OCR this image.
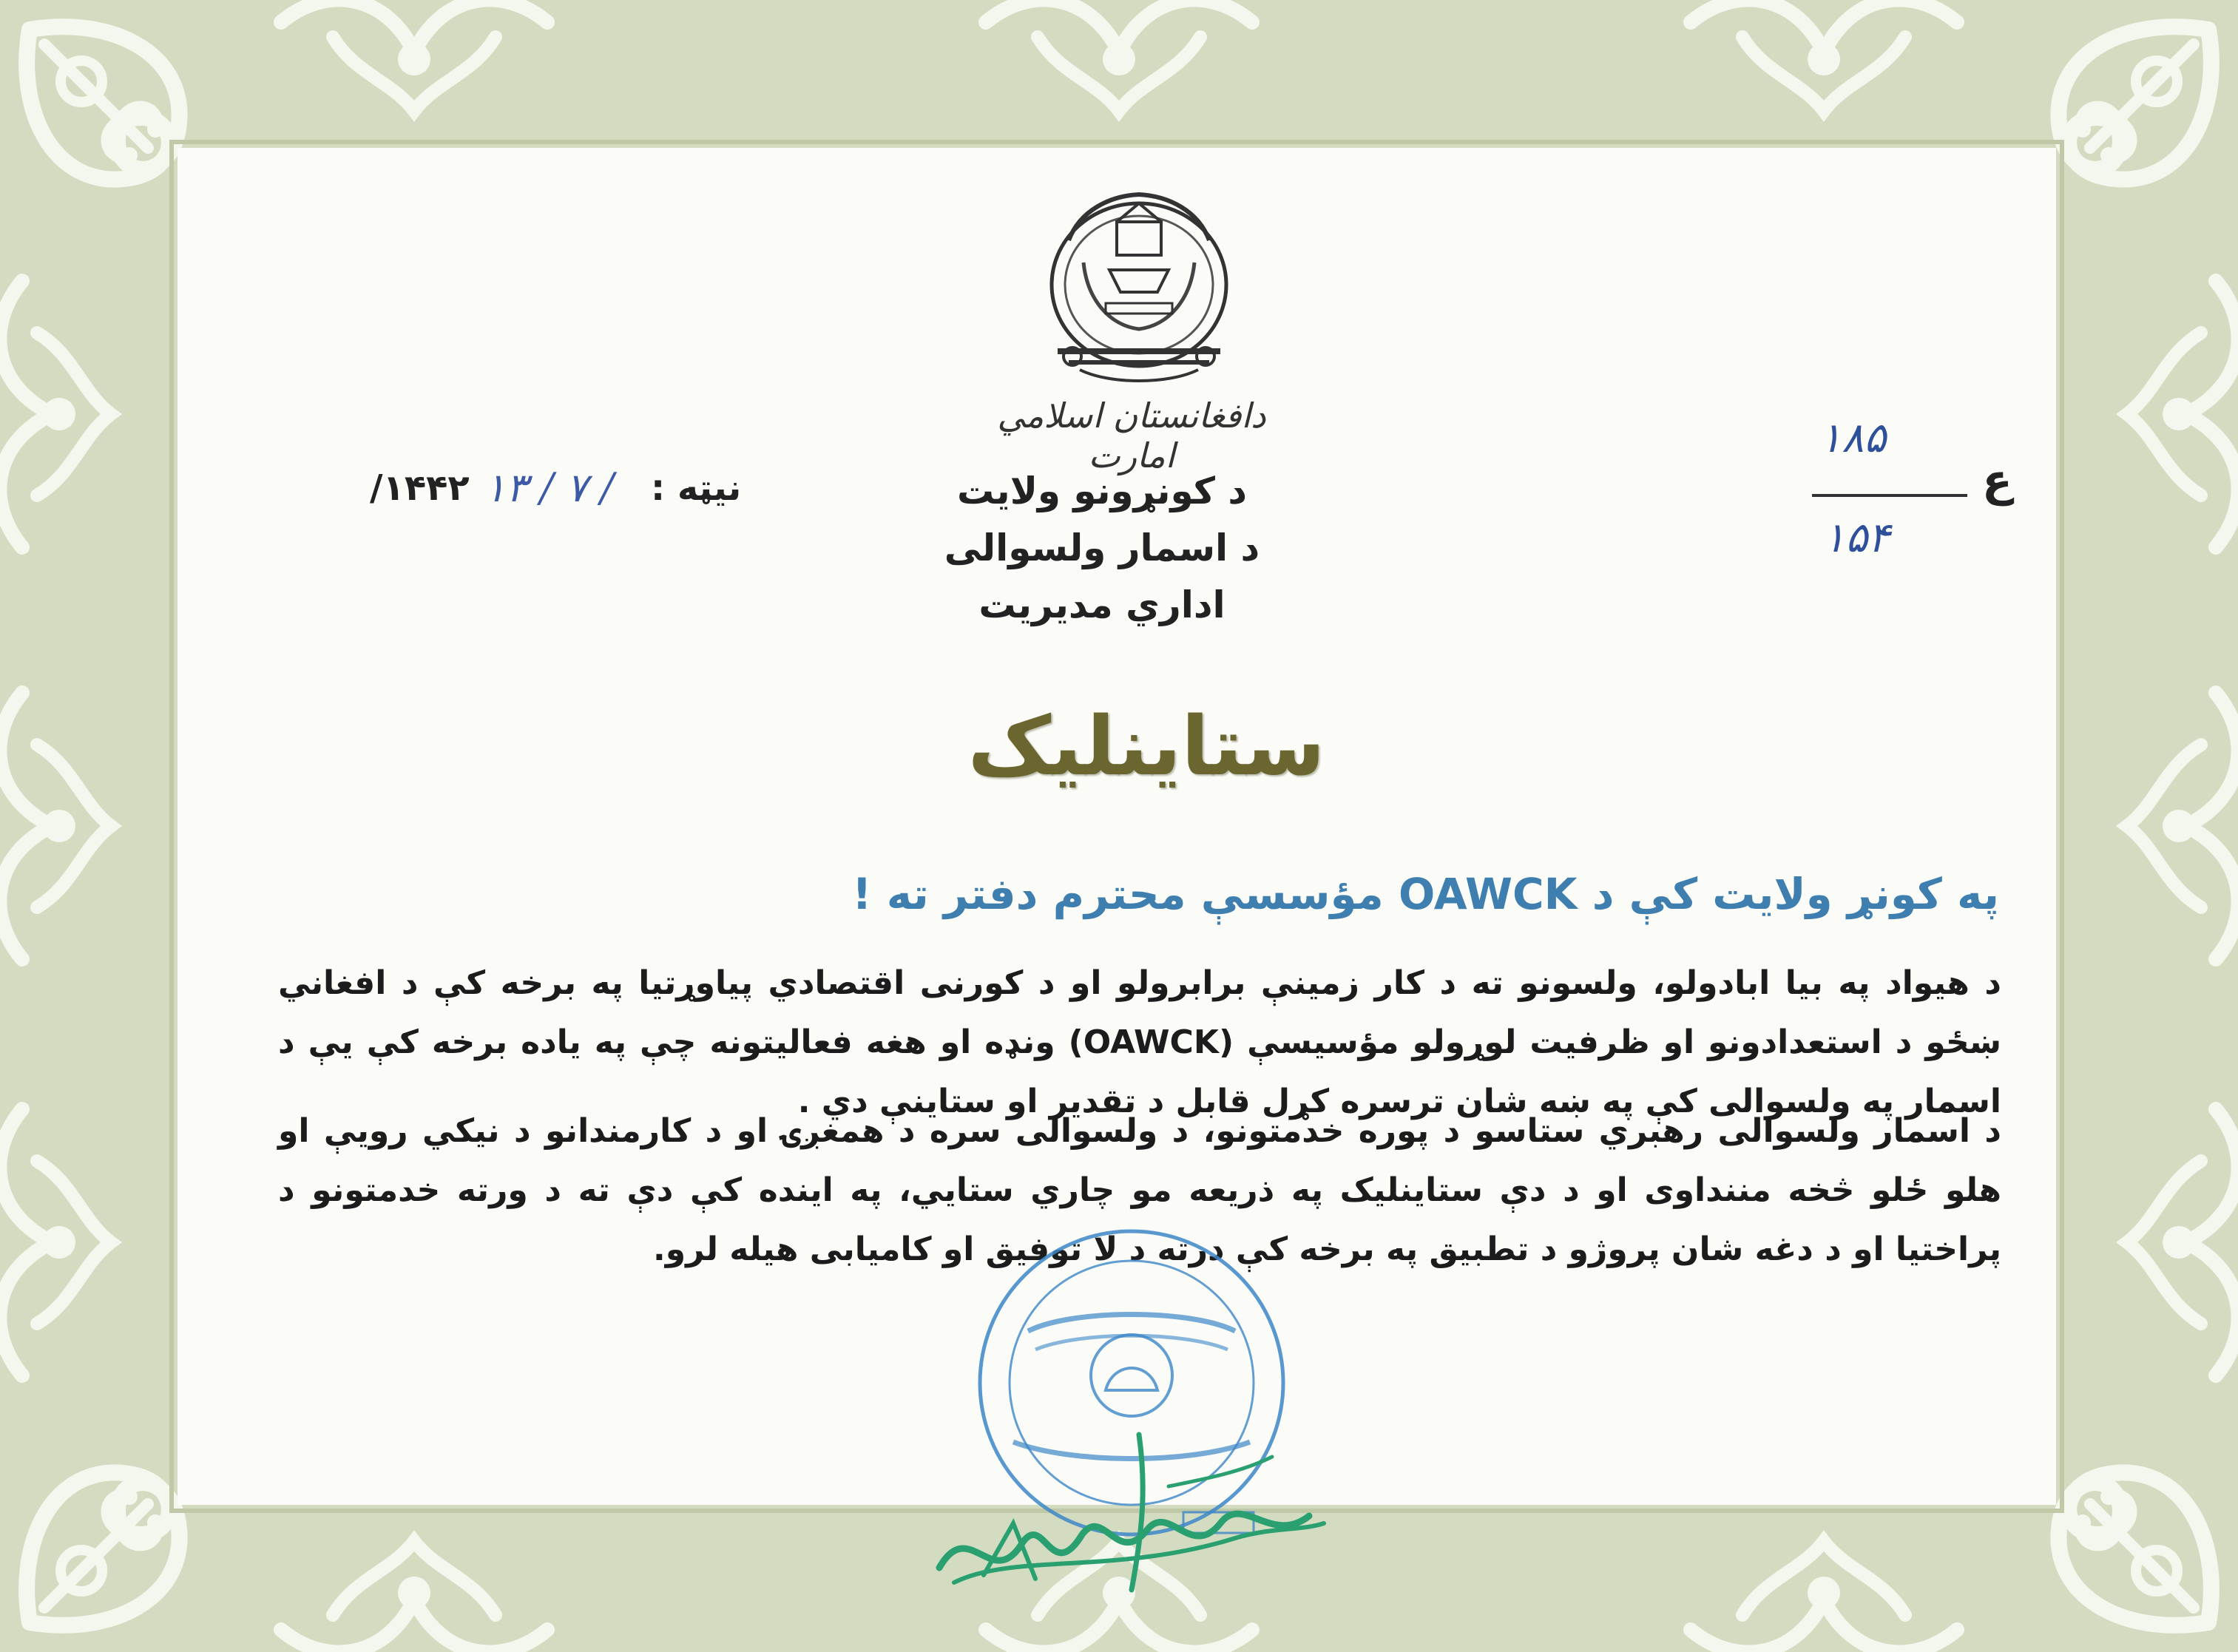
دافغانستان اسلامي امارت
د کونړونو ولایت
د اسمار ولسوالی
اداري مدیریت
نیټه :
۱۳ / ۷ /
۱۴۴۲/
۱۸۵
ع
۱۵۴
ستاینلیک
په کونړ ولایت کې د OAWCK مؤسسې محترم دفتر ته !
د هیواد په بیا ابادولو، ولسونو ته د کار زمینې برابرولو او د کورنی اقتصادي پیاوړتیا په برخه کې د افغاني ښځو د استعدادونو او ظرفیت لوړولو مؤسیسې (OAWCK) ونډه او هغه فعالیتونه چې په یاده برخه کې یې د اسمار په ولسوالی کې په ښه شان ترسره کړل قابل د تقدیر او ستاینې دي .
د اسمار ولسوالی رهبري ستاسو د پوره خدمتونو، د ولسوالی سره د همغږۍ او د کارمندانو د نیکي رویې او هلو ځلو څخه مننداوی او د دې ستاینلیک په ذریعه مو چاري ستایي، په اینده کې دې ته د ورته خدمتونو د پراختیا او د دغه شان پروژو د تطبیق په برخه کې درته د لا توفیق او کامیابی هیله لرو.
